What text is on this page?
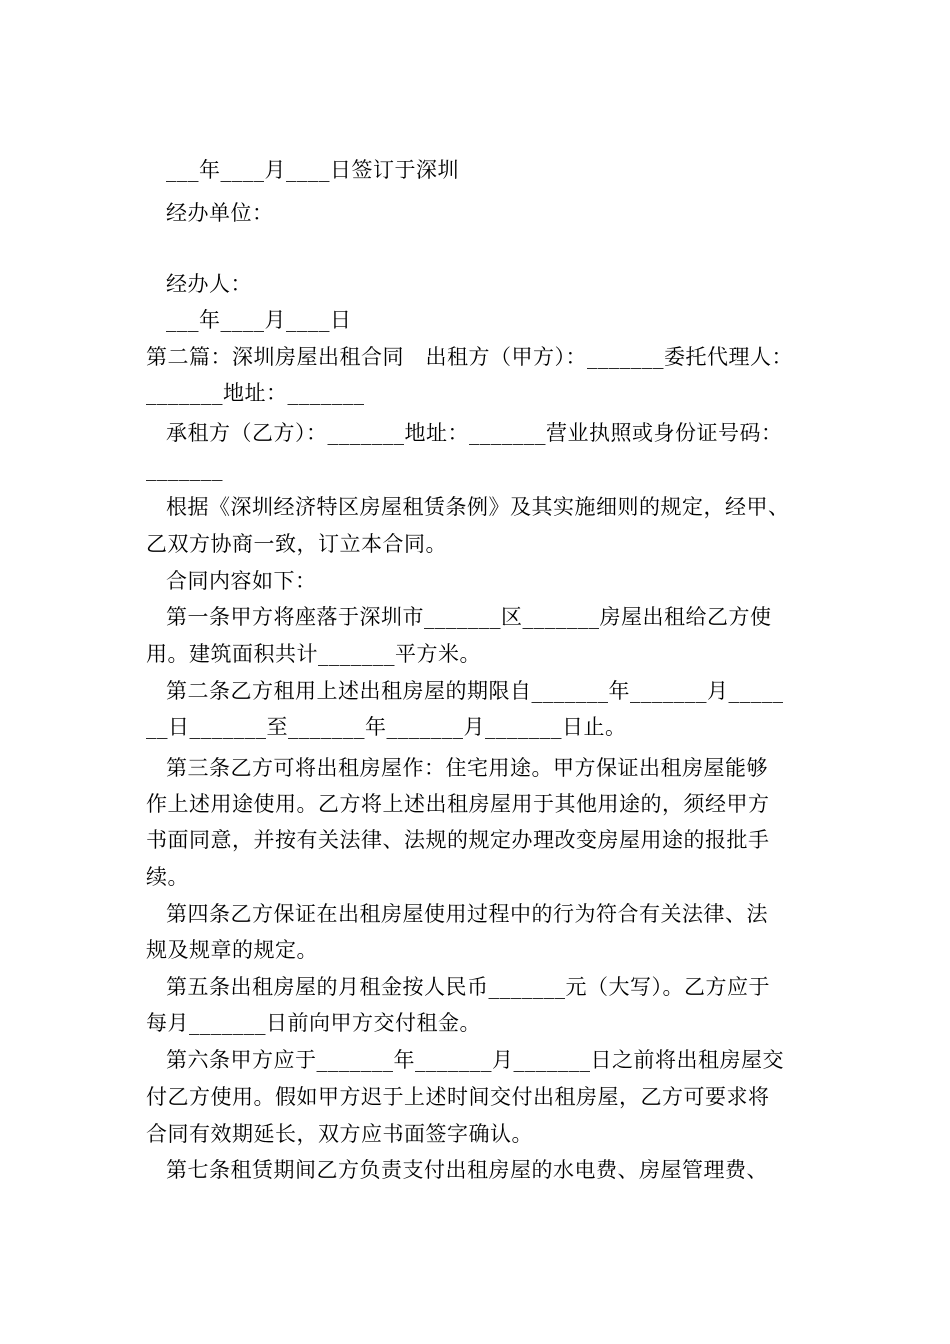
___年____月____日签订于深圳
经办单位：
经办人：
___年____月____日
第二篇：深圳房屋出租合同　出租方（甲方）：_______委托代理人：
_______地址：_______
承租方（乙方）：_______地址：_______营业执照或身份证号码：
_______
根据《深圳经济特区房屋租赁条例》及其实施细则的规定，经甲、
乙双方协商一致，订立本合同。
合同内容如下：
第一条甲方将座落于深圳市_______区_______房屋出租给乙方使
用。建筑面积共计_______平方米。
第二条乙方租用上述出租房屋的期限自_______年_______月_____
__日_______至_______年_______月_______日止。
第三条乙方可将出租房屋作：住宅用途。甲方保证出租房屋能够
作上述用途使用。乙方将上述出租房屋用于其他用途的，须经甲方
书面同意，并按有关法律、法规的规定办理改变房屋用途的报批手
续。
第四条乙方保证在出租房屋使用过程中的行为符合有关法律、法
规及规章的规定。
第五条出租房屋的月租金按人民币_______元（大写）。乙方应于
每月_______日前向甲方交付租金。
第六条甲方应于_______年_______月_______日之前将出租房屋交
付乙方使用。假如甲方迟于上述时间交付出租房屋，乙方可要求将
合同有效期延长，双方应书面签字确认。
第七条租赁期间乙方负责支付出租房屋的水电费、房屋管理费、
